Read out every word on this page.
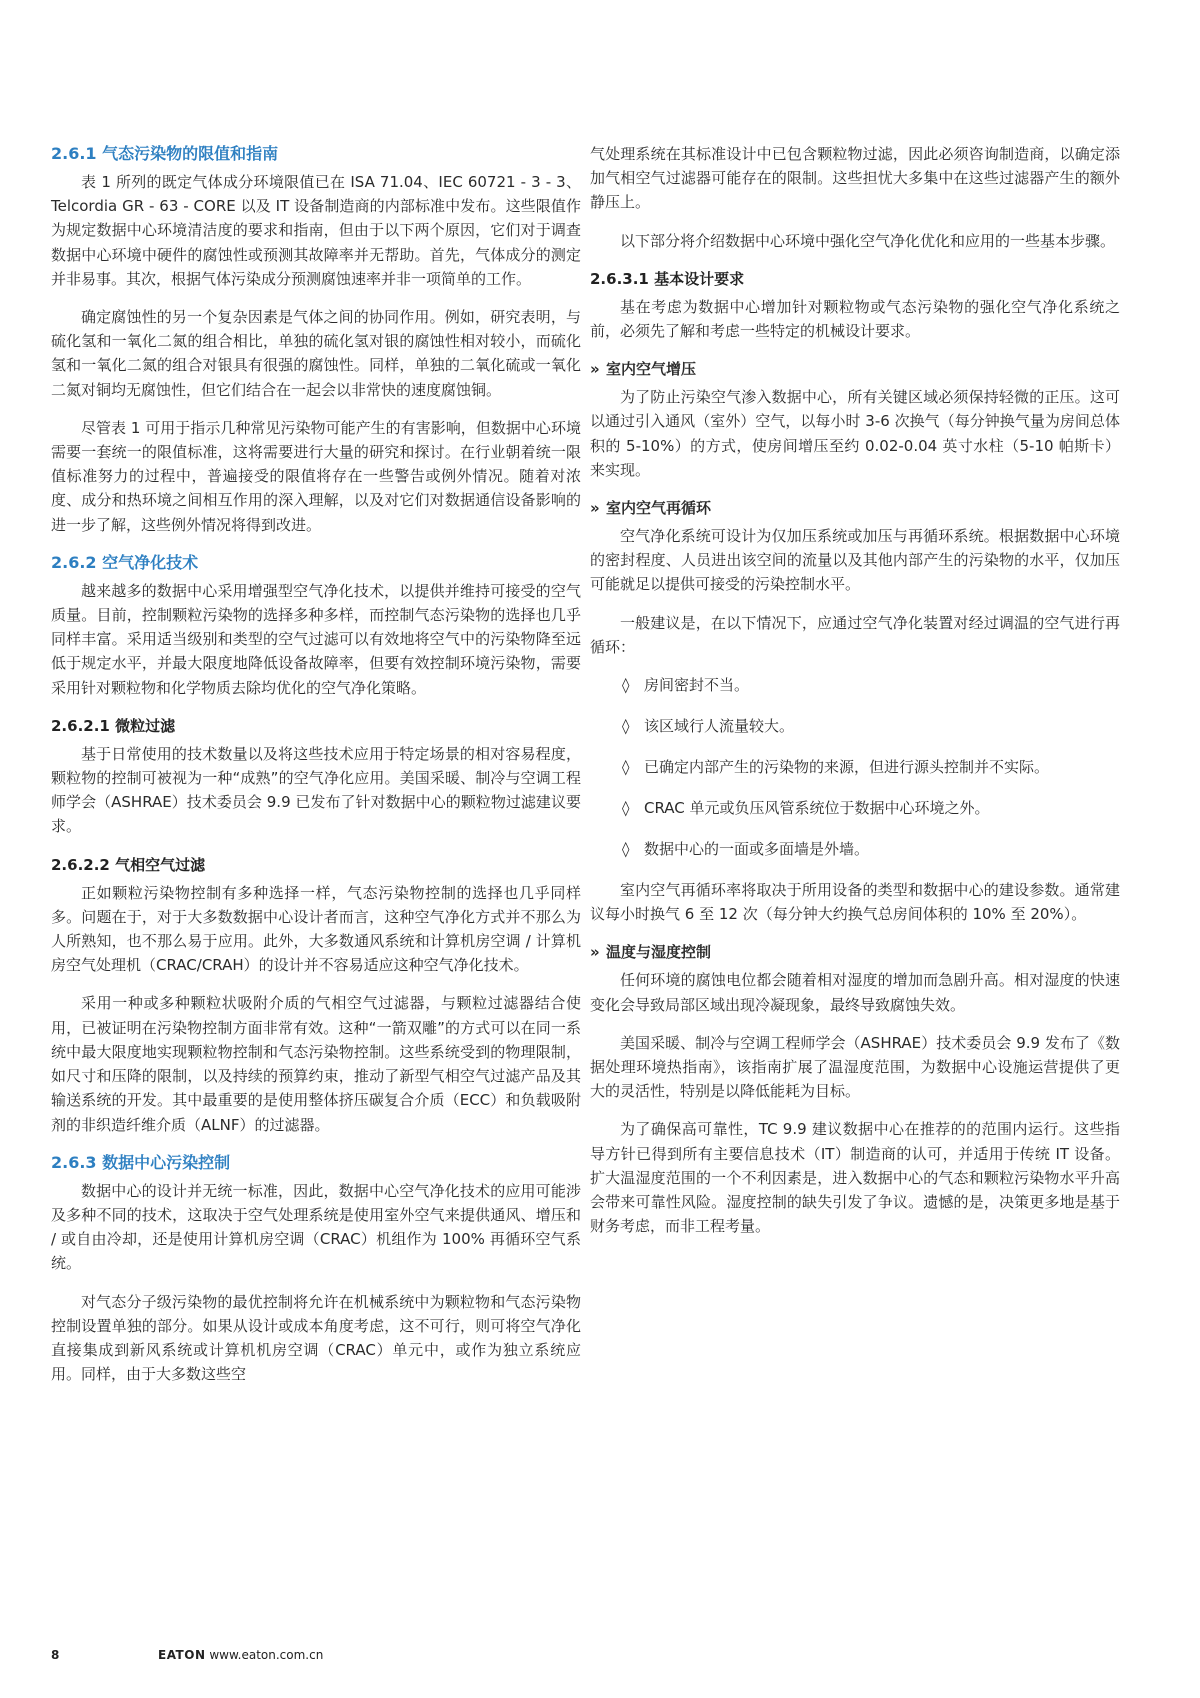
2.6.1 气态污染物的限值和指南

表 1 所列的既定气体成分环境限值已在 ISA 71.04、IEC 60721 - 3 - 3、Telcordia GR - 63 - CORE 以及 IT 设备制造商的内部标准中发布。这些限值作为规定数据中心环境清洁度的要求和指南，但由于以下两个原因，它们对于调查数据中心环境中硬件的腐蚀性或预测其故障率并无帮助。首先，气体成分的测定并非易事。其次，根据气体污染成分预测腐蚀速率并非一项简单的工作。

确定腐蚀性的另一个复杂因素是气体之间的协同作用。例如，研究表明，与硫化氢和一氧化二氮的组合相比，单独的硫化氢对银的腐蚀性相对较小，而硫化氢和一氧化二氮的组合对银具有很强的腐蚀性。同样，单独的二氧化硫或一氧化二氮对铜均无腐蚀性，但它们结合在一起会以非常快的速度腐蚀铜。

尽管表 1 可用于指示几种常见污染物可能产生的有害影响，但数据中心环境需要一套统一的限值标准，这将需要进行大量的研究和探讨。在行业朝着统一限值标准努力的过程中，普遍接受的限值将存在一些警告或例外情况。随着对浓度、成分和热环境之间相互作用的深入理解，以及对它们对数据通信设备影响的进一步了解，这些例外情况将得到改进。

2.6.2 空气净化技术

越来越多的数据中心采用增强型空气净化技术，以提供并维持可接受的空气质量。目前，控制颗粒污染物的选择多种多样，而控制气态污染物的选择也几乎同样丰富。采用适当级别和类型的空气过滤可以有效地将空气中的污染物降至远低于规定水平，并最大限度地降低设备故障率，但要有效控制环境污染物，需要采用针对颗粒物和化学物质去除均优化的空气净化策略。

2.6.2.1 微粒过滤

基于日常使用的技术数量以及将这些技术应用于特定场景的相对容易程度，颗粒物的控制可被视为一种“成熟”的空气净化应用。美国采暖、制冷与空调工程师学会（ASHRAE）技术委员会 9.9 已发布了针对数据中心的颗粒物过滤建议要求。

2.6.2.2 气相空气过滤

正如颗粒污染物控制有多种选择一样，气态污染物控制的选择也几乎同样多。问题在于，对于大多数数据中心设计者而言，这种空气净化方式并不那么为人所熟知，也不那么易于应用。此外，大多数通风系统和计算机房空调 / 计算机房空气处理机（CRAC/CRAH）的设计并不容易适应这种空气净化技术。

采用一种或多种颗粒状吸附介质的气相空气过滤器，与颗粒过滤器结合使用，已被证明在污染物控制方面非常有效。这种“一箭双雕”的方式可以在同一系统中最大限度地实现颗粒物控制和气态污染物控制。这些系统受到的物理限制，如尺寸和压降的限制，以及持续的预算约束，推动了新型气相空气过滤产品及其输送系统的开发。其中最重要的是使用整体挤压碳复合介质（ECC）和负载吸附剂的非织造纤维介质（ALNF）的过滤器。

2.6.3 数据中心污染控制

数据中心的设计并无统一标准，因此，数据中心空气净化技术的应用可能涉及多种不同的技术，这取决于空气处理系统是使用室外空气来提供通风、增压和 / 或自由冷却，还是使用计算机房空调（CRAC）机组作为 100% 再循环空气系统。

对气态分子级污染物的最优控制将允许在机械系统中为颗粒物和气态污染物控制设置单独的部分。如果从设计或成本角度考虑，这不可行，则可将空气净化直接集成到新风系统或计算机机房空调（CRAC）单元中，或作为独立系统应用。同样，由于大多数这些空

气处理系统在其标准设计中已包含颗粒物过滤，因此必须咨询制造商，以确定添加气相空气过滤器可能存在的限制。这些担忧大多集中在这些过滤器产生的额外静压上。

以下部分将介绍数据中心环境中强化空气净化优化和应用的一些基本步骤。

2.6.3.1 基本设计要求

基在考虑为数据中心增加针对颗粒物或气态污染物的强化空气净化系统之前，必须先了解和考虑一些特定的机械设计要求。

» 室内空气增压

为了防止污染空气渗入数据中心，所有关键区域必须保持轻微的正压。这可以通过引入通风（室外）空气，以每小时 3-6 次换气（每分钟换气量为房间总体积的 5-10%）的方式，使房间增压至约 0.02-0.04 英寸水柱（5-10 帕斯卡）来实现。

» 室内空气再循环

空气净化系统可设计为仅加压系统或加压与再循环系统。根据数据中心环境的密封程度、人员进出该空间的流量以及其他内部产生的污染物的水平，仅加压可能就足以提供可接受的污染控制水平。

一般建议是，在以下情况下，应通过空气净化装置对经过调温的空气进行再循环：

◊ 房间密封不当。
◊ 该区域行人流量较大。
◊ 已确定内部产生的污染物的来源，但进行源头控制并不实际。
◊ CRAC 单元或负压风管系统位于数据中心环境之外。
◊ 数据中心的一面或多面墙是外墙。

室内空气再循环率将取决于所用设备的类型和数据中心的建设参数。通常建议每小时换气 6 至 12 次（每分钟大约换气总房间体积的 10% 至 20%）。

» 温度与湿度控制

任何环境的腐蚀电位都会随着相对湿度的增加而急剧升高。相对湿度的快速变化会导致局部区域出现冷凝现象，最终导致腐蚀失效。

美国采暖、制冷与空调工程师学会（ASHRAE）技术委员会 9.9 发布了《数据处理环境热指南》，该指南扩展了温湿度范围，为数据中心设施运营提供了更大的灵活性，特别是以降低能耗为目标。

为了确保高可靠性，TC 9.9 建议数据中心在推荐的的范围内运行。这些指导方针已得到所有主要信息技术（IT）制造商的认可，并适用于传统 IT 设备。扩大温湿度范围的一个不利因素是，进入数据中心的气态和颗粒污染物水平升高会带来可靠性风险。湿度控制的缺失引发了争议。遗憾的是，决策更多地是基于财务考虑，而非工程考量。

8	EATON www.eaton.com.cn
